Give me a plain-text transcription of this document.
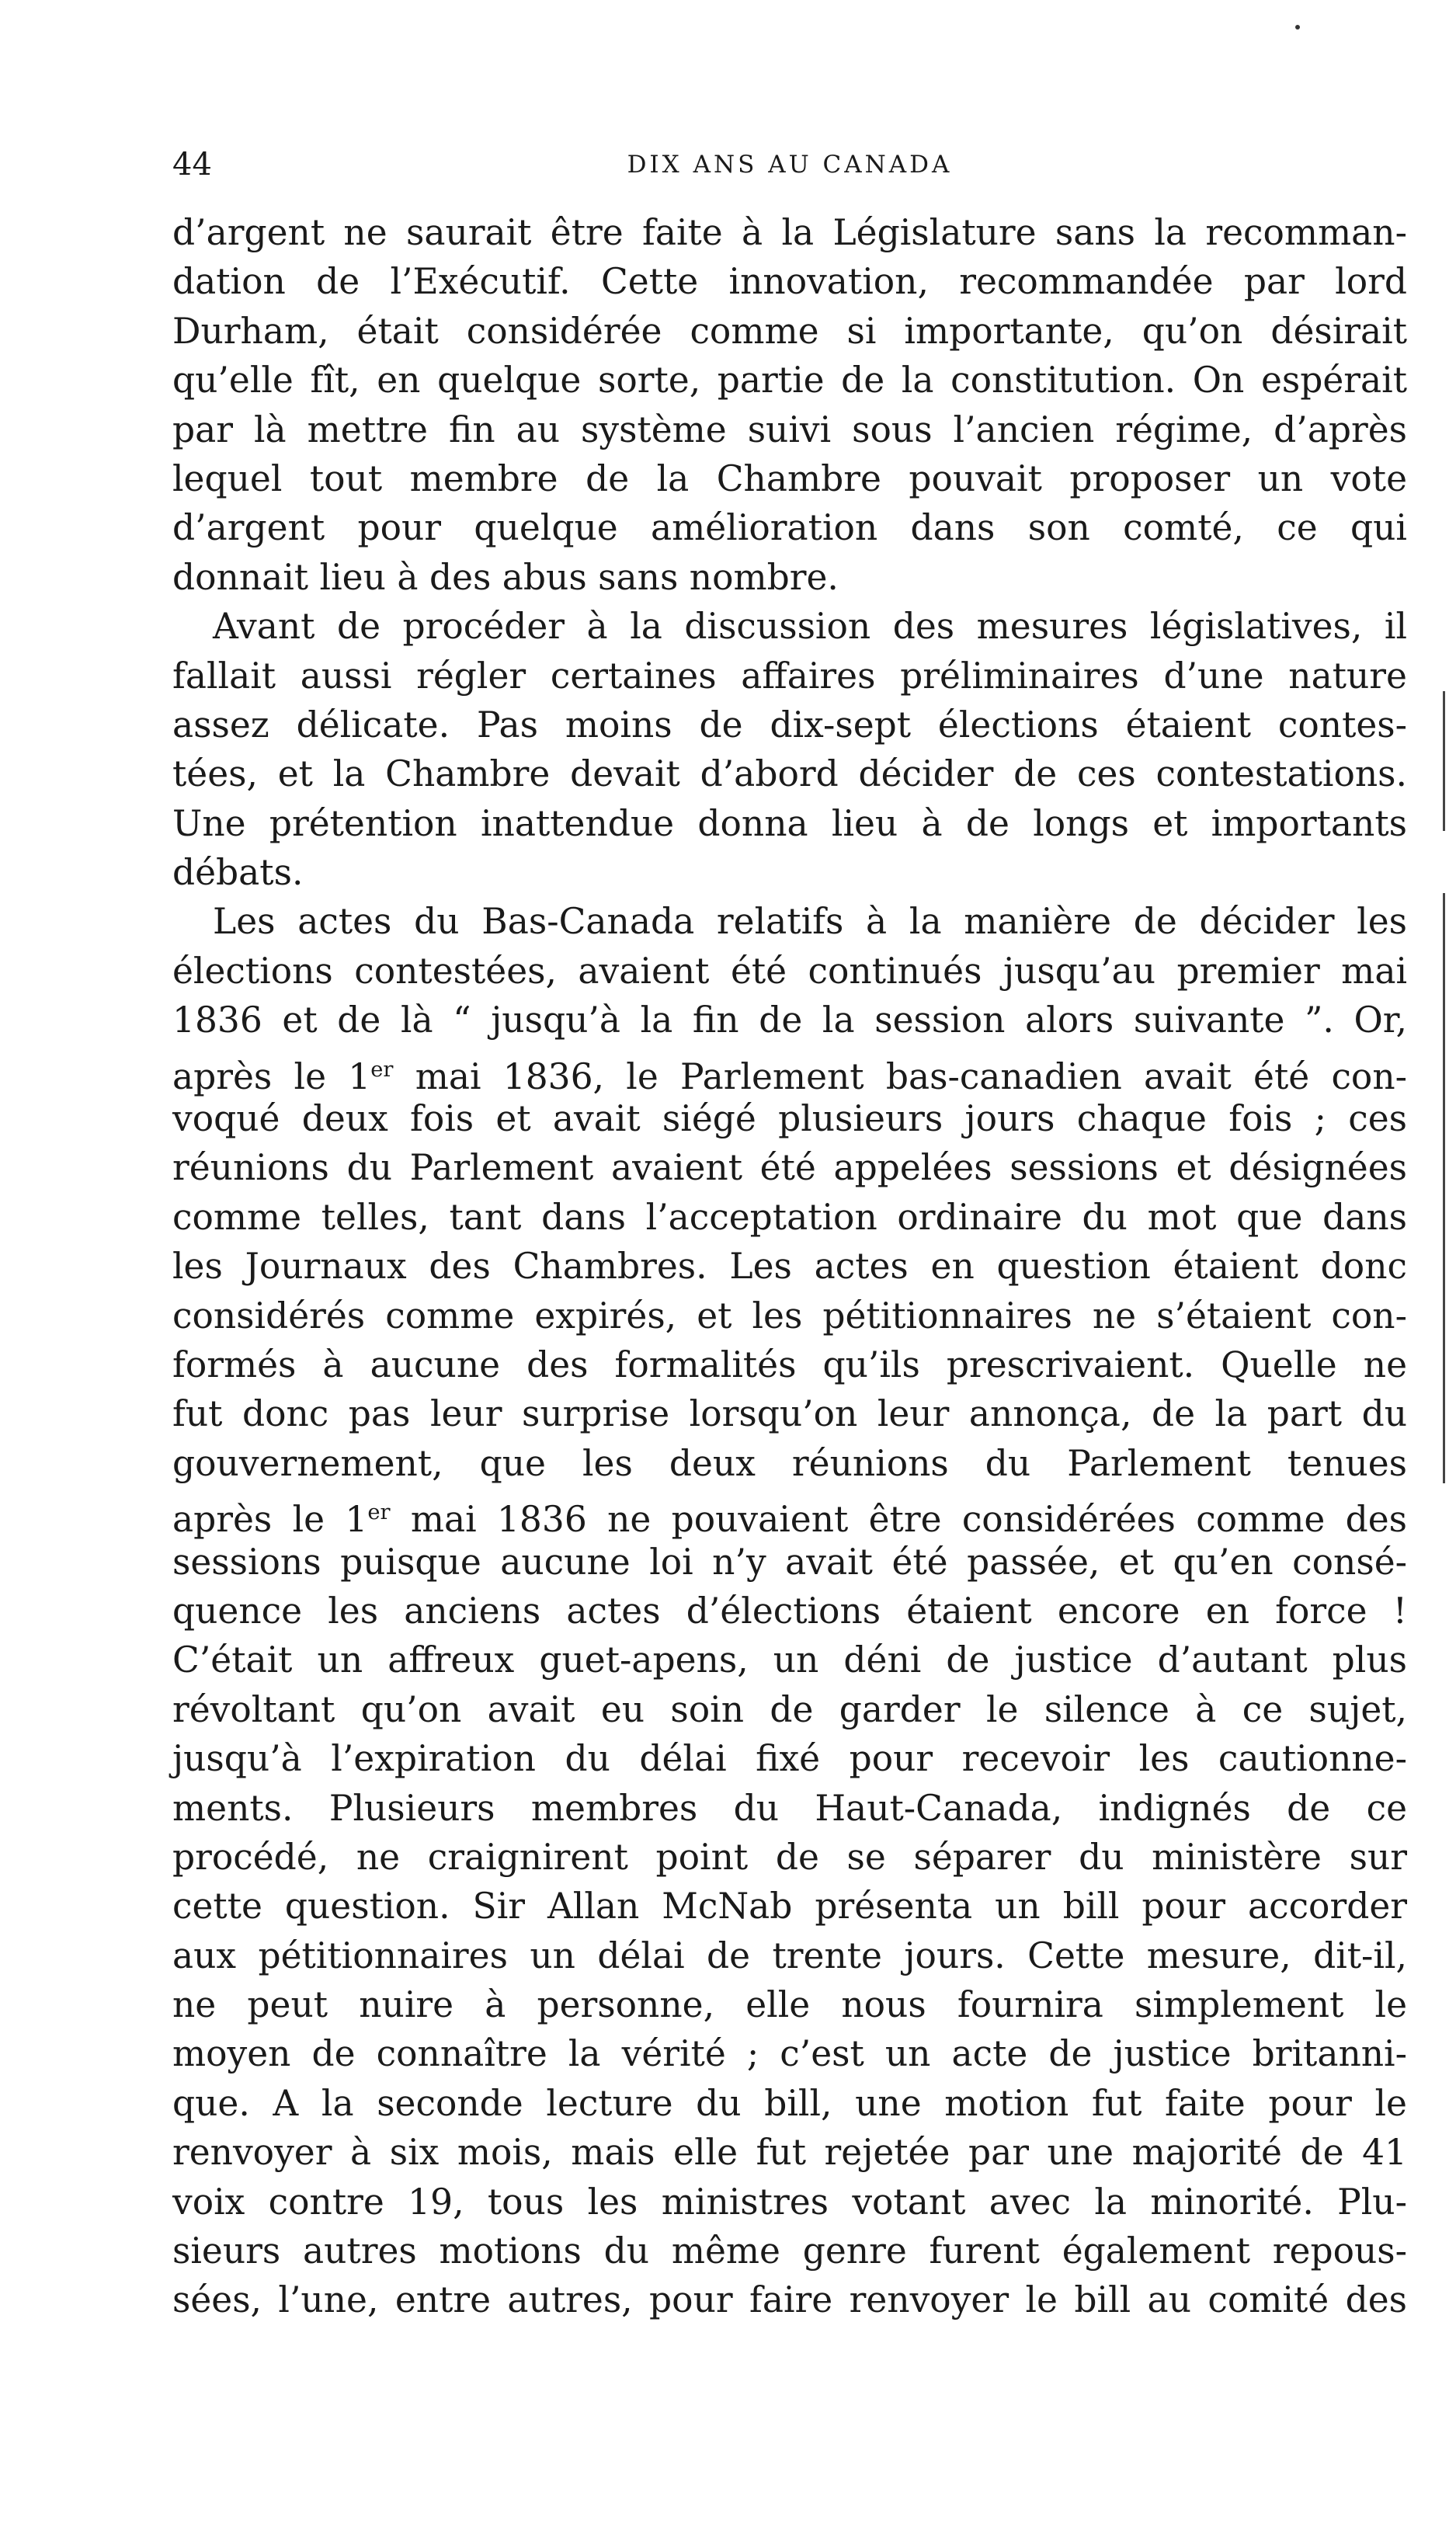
44	DIX ANS AU CANADA
d’argent ne saurait être faite à la Législature sans la recomman-
dation de l’Exécutif. Cette innovation, recommandée par lord
Durham, était considérée comme si importante, qu’on désirait
qu’elle fît, en quelque sorte, partie de la constitution. On espérait
par là mettre fin au système suivi sous l’ancien régime, d’après
lequel tout membre de la Chambre pouvait proposer un vote
d’argent pour quelque amélioration dans son comté, ce qui
donnait lieu à des abus sans nombre.
Avant de procéder à la discussion des mesures législatives, il
fallait aussi régler certaines affaires préliminaires d’une nature
assez délicate. Pas moins de dix-sept élections étaient contes-
tées, et la Chambre devait d’abord décider de ces contestations.
Une prétention inattendue donna lieu à de longs et importants
débats.
Les actes du Bas-Canada relatifs à la manière de décider les
élections contestées, avaient été continués jusqu’au premier mai
1836 et de là “ jusqu’à la fin de la session alors suivante ”. Or,
après le 1er mai 1836, le Parlement bas-canadien avait été con-
voqué deux fois et avait siégé plusieurs jours chaque fois ; ces
réunions du Parlement avaient été appelées sessions et désignées
comme telles, tant dans l’acceptation ordinaire du mot que dans
les Journaux des Chambres. Les actes en question étaient donc
considérés comme expirés, et les pétitionnaires ne s’étaient con-
formés à aucune des formalités qu’ils prescrivaient. Quelle ne
fut donc pas leur surprise lorsqu’on leur annonça, de la part du
gouvernement, que les deux réunions du Parlement tenues
après le 1er mai 1836 ne pouvaient être considérées comme des
sessions puisque aucune loi n’y avait été passée, et qu’en consé-
quence les anciens actes d’élections étaient encore en force !
C’était un affreux guet-apens, un déni de justice d’autant plus
révoltant qu’on avait eu soin de garder le silence à ce sujet,
jusqu’à l’expiration du délai fixé pour recevoir les cautionne-
ments. Plusieurs membres du Haut-Canada, indignés de ce
procédé, ne craignirent point de se séparer du ministère sur
cette question. Sir Allan McNab présenta un bill pour accorder
aux pétitionnaires un délai de trente jours. Cette mesure, dit-il,
ne peut nuire à personne, elle nous fournira simplement le
moyen de connaître la vérité ; c’est un acte de justice britanni-
que. A la seconde lecture du bill, une motion fut faite pour le
renvoyer à six mois, mais elle fut rejetée par une majorité de 41
voix contre 19, tous les ministres votant avec la minorité. Plu-
sieurs autres motions du même genre furent également repous-
sées, l’une, entre autres, pour faire renvoyer le bill au comité des
